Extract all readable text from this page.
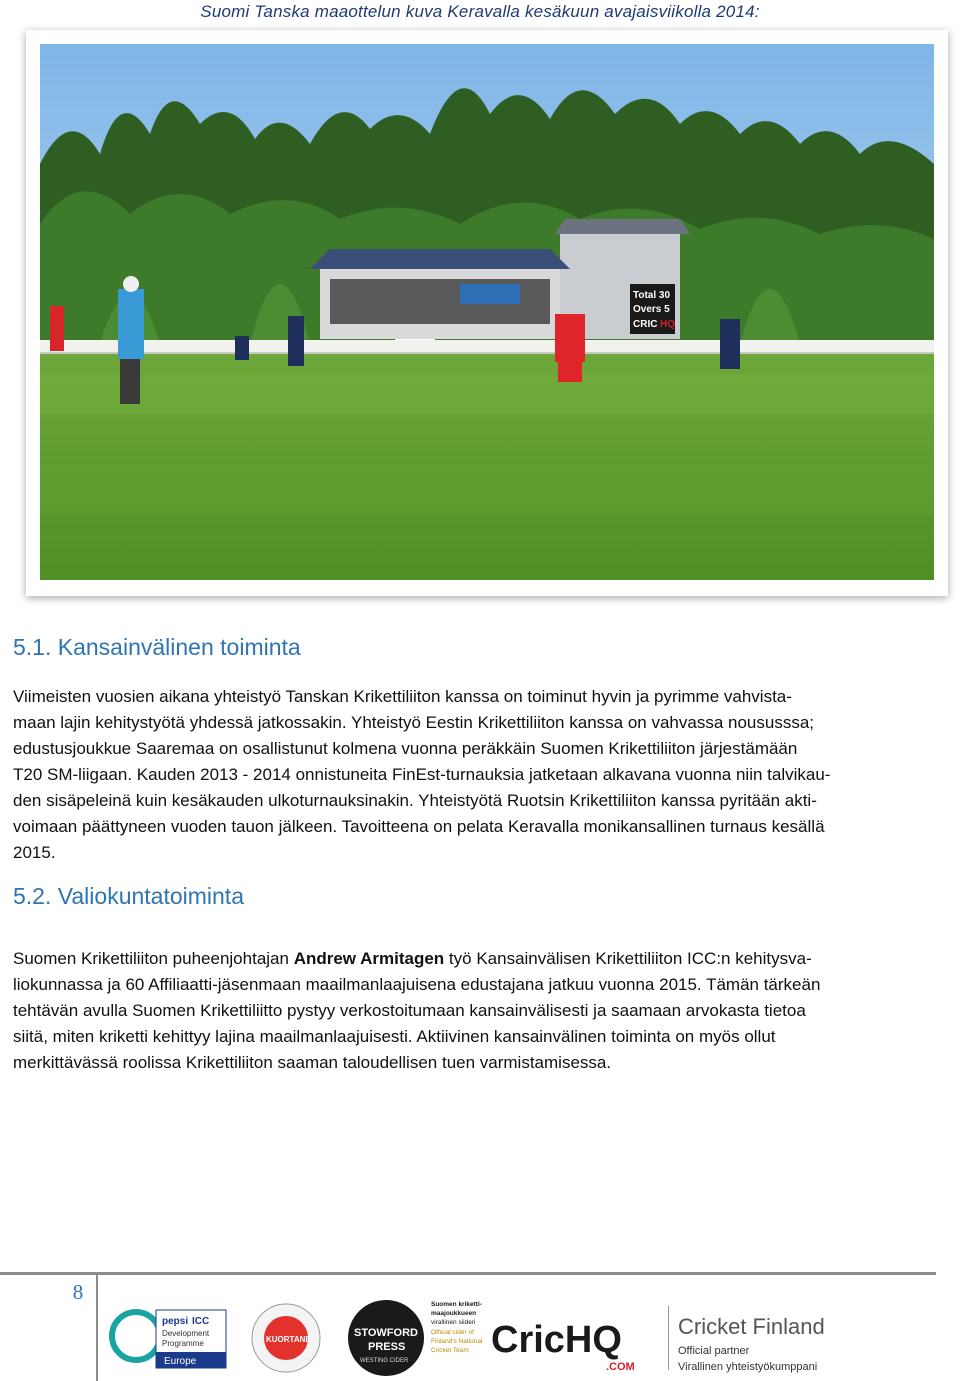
Suomi Tanska maaottelun kuva Keravalla kesäkuun avajaisviikolla 2014:
Total 30
Overs 5
CRIC HQ
5.1. Kansainvälinen toiminta
Viimeisten vuosien aikana yhteistyö Tanskan Krikettiliiton kanssa on toiminut hyvin ja pyrimme vahvista-
maan lajin kehitystyötä yhdessä jatkossakin. Yhteistyö Eestin Krikettiliiton kanssa on vahvassa noususssa;
edustusjoukkue Saaremaa on osallistunut kolmena vuonna peräkkäin Suomen Krikettiliiton järjestämään
T20 SM-liigaan. Kauden 2013 - 2014 onnistuneita FinEst-turnauksia jatketaan alkavana vuonna niin talvikau-
den sisäpeleinä kuin kesäkauden ulkoturnauksinakin. Yhteistyötä Ruotsin Krikettiliiton kanssa pyritään akti-
voimaan päättyneen vuoden tauon jälkeen. Tavoitteena on pelata Keravalla monikansallinen turnaus kesällä
2015.
5.2. Valiokuntatoiminta
Suomen Krikettiliiton puheenjohtajan Andrew Armitagen työ Kansainvälisen Krikettiliiton ICC:n kehitysva-
liokunnassa ja 60 Affiliaatti-jäsenmaan maailmanlaajuisena edustajana jatkuu vuonna 2015. Tämän tärkeän
tehtävän avulla Suomen Krikettiliitto pystyy verkostoitumaan kansainvälisesti ja saamaan arvokasta tietoa
siitä, miten kriketti kehittyy lajina maailmanlaajuisesti. Aktiivinen kansainvälinen toiminta on myös ollut
merkittävässä roolissa Krikettiliiton saaman taloudellisen tuen varmistamisessa.
8
pepsi ICC
Development
Programme
Europe
KUORTANE
STOWFORD
PRESS
WESTING CIDER
Suomen kriketti-
maajoukkueen
virallinen siideri
Official cider of
Finland's National
Cricket Team CricHQ
.COM
Cricket Finland
Official partner
Virallinen yhteistyökumppani
